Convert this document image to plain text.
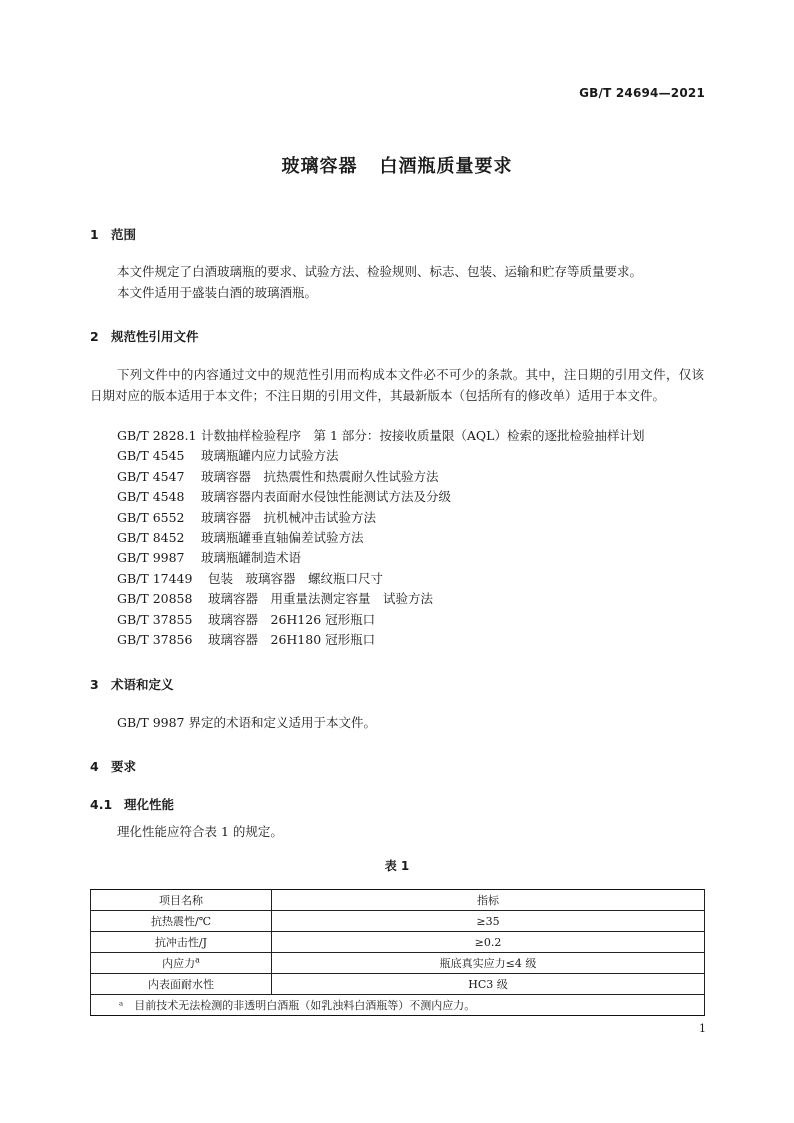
GB/T 24694—2021
玻璃容器 白酒瓶质量要求
1 范围

本文件规定了白酒玻璃瓶的要求、试验方法、检验规则、标志、包装、运输和贮存等质量要求。

本文件适用于盛装白酒的玻璃酒瓶。

2 规范性引用文件

下列文件中的内容通过文中的规范性引用而构成本文件必不可少的条款。其中，注日期的引用文件，仅该日期对应的版本适用于本文件；不注日期的引用文件，其最新版本（包括所有的修改单）适用于本文件。

GB/T 2828.1 计数抽样检验程序　第 1 部分：按接收质量限（AQL）检索的逐批检验抽样计划
GB/T 4545 玻璃瓶罐内应力试验方法
GB/T 4547 玻璃容器　抗热震性和热震耐久性试验方法
GB/T 4548 玻璃容器内表面耐水侵蚀性能测试方法及分级
GB/T 6552 玻璃容器　抗机械冲击试验方法
GB/T 8452 玻璃瓶罐垂直轴偏差试验方法
GB/T 9987 玻璃瓶罐制造术语
GB/T 17449 包装　玻璃容器　螺纹瓶口尺寸
GB/T 20858 玻璃容器　用重量法测定容量　试验方法
GB/T 37855 玻璃容器　26H126 冠形瓶口
GB/T 37856 玻璃容器　26H180 冠形瓶口
3 术语和定义

GB/T 9987 界定的术语和定义适用于本文件。

4 要求
4.1 理化性能

理化性能应符合表 1 的规定。

表 1
项目名称	指标
抗热震性/℃	≥35
抗冲击性/J	≥0.2
内应力$^a$	瓶底真实应力≤4 级
内表面耐水性	HC3 级
ᵃ　目前技术无法检测的非透明白酒瓶（如乳浊料白酒瓶等）不测内应力。	
1
